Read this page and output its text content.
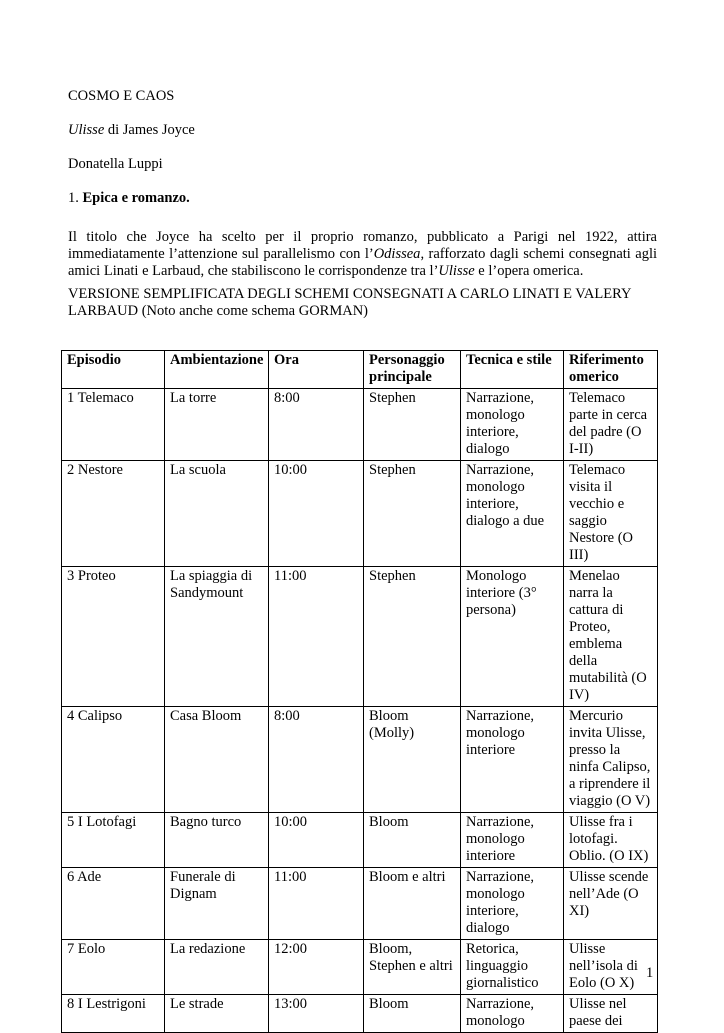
COSMO E CAOS

Ulisse di James Joyce

Donatella Luppi

1. Epica e romanzo.

Il titolo che Joyce ha scelto per il proprio romanzo, pubblicato a Parigi nel 1922, attira immediatamente l’attenzione sul parallelismo con l’Odissea, rafforzato dagli schemi consegnati agli amici Linati e Larbaud, che stabiliscono le corrispondenze tra l’Ulisse e l’opera omerica.

VERSIONE SEMPLIFICATA DEGLI SCHEMI CONSEGNATI A CARLO LINATI E VALERY

LARBAUD (Noto anche come schema GORMAN)

Episodio	Ambientazione	Ora	Personaggio principale	Tecnica e stile	Riferimento omerico
1 Telemaco	La torre	8:00	Stephen	Narrazione, monologo interiore, dialogo	Telemaco parte in cerca del padre (O I-II)
2 Nestore	La scuola	10:00	Stephen	Narrazione, monologo interiore, dialogo a due	Telemaco visita il vecchio e saggio Nestore (O III)
3 Proteo	La spiaggia di Sandymount	11:00	Stephen	Monologo interiore (3° persona)	Menelao narra la cattura di Proteo, emblema della mutabilità (O IV)
4 Calipso	Casa Bloom	8:00	Bloom (Molly)	Narrazione, monologo interiore	Mercurio invita Ulisse, presso la ninfa Calipso, a riprendere il viaggio (O V)
5 I Lotofagi	Bagno turco	10:00	Bloom	Narrazione, monologo interiore	Ulisse fra i lotofagi. Oblio. (O IX)
6 Ade	Funerale di Dignam	11:00	Bloom e altri	Narrazione, monologo interiore, dialogo	Ulisse scende nell’Ade (O XI)
7 Eolo	La redazione	12:00	Bloom, Stephen e altri	Retorica, linguaggio giornalistico	Ulisse nell’isola di Eolo (O X)
8 I Lestrigoni	Le strade	13:00	Bloom	Narrazione, monologo	Ulisse nel paese dei
1
